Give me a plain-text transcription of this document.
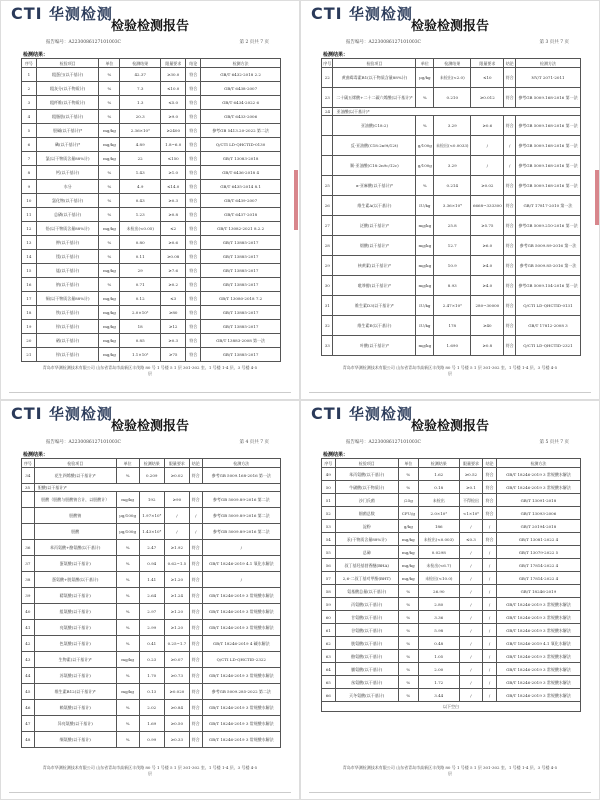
CTI 华测检测
检验检测报告
报告编号：A2230086127101003C	第 2 页共 7 页
检测结果：
序号	检验项目	单位	检测结果	限量要求	结论	检测方法
1	粗蛋白(以干基计)	%	42.37	≥30.0	符合	GB/T 6432-2018 2.2
2	粗灰分(以干物质计)	%	7.3	≤10.0	符合	GB/T 6438-2007
3	粗纤维(以干物质计)	%	1.3	≤5.0	符合	GB/T 6434-2022 6
4	粗脂肪(以干基计)	%	20.3	≥9.0	符合	GB/T 6433-2006
5	胆碱(以干基计)*	mg/kg	2.36×10³	≥2400	符合	参考GB 5413.20-2022 第二法
6	碘(以干基计)*	mg/kg	4.89	1.8~6.0	符合	Q/CTI LD-QHCTID-0130
7	氯(以干物质含量88%计)	mg/kg	22	≤150	符合	GB/T 13083-2018
8	钙(以干基计)	%	1.43	≥1.0	符合	GB/T 6436-2018 4
9	水分	%	4.9	≤14.0	符合	GB/T 6435-2014 8.1
10	氯化物(以干基计)	%	0.43	≥0.3	符合	GB/T 6439-2007
11	总磷(以干基计)	%	1.23	≥0.8	符合	GB/T 6437-2018
12	铅(以干物质含量88%计)	mg/kg	未检出(<0.05)	≤2	符合	GB/T 13082-2021 8.2.2
13	钾(以干基计)	%	0.80	≥0.6	符合	GB/T 13885-2017
14	镁(以干基计)	%	0.11	≥0.08	符合	GB/T 13885-2017
15	锰(以干基计)	mg/kg	29	≥7.6	符合	GB/T 13885-2017
16	钠(以干基计)	%	0.71	≥0.2	符合	GB/T 13885-2017
17	铜(以干物质含量88%计)	mg/kg	0.12	≤3	符合	GB/T 13080-2018 7.2
18	铁(以干基计)	mg/kg	2.0×10²	≥80	符合	GB/T 13885-2017
19	锌(以干基计)	mg/kg	18	≥12	符合	GB/T 13885-2017
20	硒(以干基计)	mg/kg	0.85	≥0.3	符合	GB/T 13883-2008 第一法
21	锌(以干基计)	mg/kg	1.1×10²	≥75	符合	GB/T 13885-2017
青岛市华测检测技术有限公司 山东省青岛市高新区丰茂路 80 号 1 号楼 5 1 层 301-302 室、1 号楼 1-4 层、3 号楼 4-5 层
CTI 华测检测
检验检测报告
报告编号：A2230086127101003C	第 3 页共 7 页
检测结果：
序号	检验项目	单位	检测结果	限量要求	结论	检测方法
22	黄曲霉毒素B1(以干物质含量88%计)	μg/kg	未检出(<2.0)	≤10	符合	NY/T 2071-2011
23	二十碳五烯酸+二十二碳六烯酸(以干基计)*	%	0.210	≥0.012	符合	参考GB 5009.168-2016 第一法
24	亚油酸(以干基计)*					
	亚油酸(C18:2)	%	3.29	≥0.6	符合	参考GB 5009.168-2016 第一法
	反-亚油酸(C18:2n9t/12t)	g/100g	未检出(<0.0033)	/	/	参考GB 5009.168-2016 第一法
	顺-亚油酸(C18:2n9c/12c)	g/100g	3.29	/	/	参考GB 5009.168-2016 第一法
25	α-亚麻酸(以干基计)*	%	0.214	≥0.02	符合	参考GB 5009.168-2016 第一法
26	维生素A(以干基计)	IU/kg	3.36×10⁴	6668~333300	符合	GB/T 17817-2010 第一法
27	泛酸(以干基计)*	mg/kg	25.8	≥5.75	符合	参考GB 5009.210-2016 第一法
28	烟酸(以干基计)*	mg/kg	12.7	≥6.0	符合	参考GB 5009.89-2016 第一法
29	核黄素(以干基计)*	mg/kg	10.9	≥4.0	符合	参考GB 5009.85-2016 第一法
30	吡哆醇(以干基计)*	mg/kg	8.93	≥4.0	符合	参考GB 5009.154-2016 第一法
31	维生素D3(以干基计)*	IU/kg	2.47×10³	280~30000	符合	Q/CTI LD-QHCTID-0131
32	维生素E(以干基计)	IU/kg	178	≥40	符合	GB/T 17812-2008 3
33	叶酸(以干基计)*	mg/kg	1.690	≥0.8	符合	Q/CTI LD-QHCTID-2321
青岛市华测检测技术有限公司 山东省青岛市高新区丰茂路 80 号 1 号楼 5 1 层 301-302 室、1 号楼 1-4 层、3 号楼 4-5 层
CTI 华测检测
检验检测报告
报告编号：A2230086127101003C	第 4 页共 7 页
检测结果：
序号	检验项目	单位	检测结果	限量要求	结论	检测方法
34	花生四烯酸(以干基计)*	%	0.209	≥0.02	符合	参考GB 5009.168-2016 第一法
35	胆酸(以干基计)*					
	胆酸（胆酸与胆酸钠合计，以胆酸计）	mg/kg	192	≥90	符合	参考GB 5009.89-2016 第二法
	胆酸钠	μg/100g	1.97×10⁴	/	/	参考GB 5009.89-2016 第二法
	胆酸	μg/100g	1.43×10⁴	/	/	参考GB 5009.89-2016 第二法
36	苯丙氨酸+酪氨酸(以干基计)	%	2.47	≥1.92	符合	/
37	蛋氨酸(以干基计)	%	0.94	0.62~1.5	符合	GB/T 18246-2019 4.1 氧化水解法
38	蛋氨酸+胱氨酸(以干基计)	%	1.41	≥1.20	符合	/
39	精氨酸(以干基计)	%	2.64	≥1.24	符合	GB/T 18246-2019 3 常规酸水解法
40	组氨酸(以干基计)	%	2.97	≥1.20	符合	GB/T 18246-2019 3 常规酸水解法
41	亮氨酸(以干基计)	%	2.99	≥1.20	符合	GB/T 18246-2019 3 常规酸水解法
42	色氨酸(以干基计)	%	0.41	0.25~1.7	符合	GB/T 18246-2019 4 碱水解法
43	生物素(以干基计)*	mg/kg	0.23	≥0.07	符合	Q/CTI LD-QHCTID-2322
44	苏氨酸(以干基计)	%	1.70	≥0.73	符合	GB/T 18246-2019 3 常规酸水解法
45	维生素B12(以干基计)*	mg/kg	0.13	≥0.020	符合	参考GB 5009.285-2022 第二法
46	赖氨酸(以干基计)	%	2.02	≥0.84	符合	GB/T 18246-2019 3 常规酸水解法
47	异亮氨酸(以干基计)	%	1.69	≥0.50	符合	GB/T 18246-2019 3 常规酸水解法
48	缬氨酸(以干基计)	%	0.99	≥0.33	符合	GB/T 18246-2019 3 常规酸水解法
青岛市华测检测技术有限公司 山东省青岛市高新区丰茂路 80 号 1 号楼 5 1 层 301-302 室、1 号楼 1-4 层、3 号楼 4-5 层
CTI 华测检测
检验检测报告
报告编号：A2230086127101003C	第 5 页共 7 页
检测结果：
序号	检验项目	单位	检测结果	限量要求	结论	检测方法
49	苯丙氨酸(以干基计)	%	1.62	≥0.52	符合	GB/T 18246-2019 3 常规酸水解法
50	牛磺酸(以干物质计)	%	0.18	≥0.1	符合	GB/T 18246-2019 3 常规酸水解法
51	沙门氏菌	/25g	未检出	不得检出	符合	GB/T 13091-2018
52	细菌总数	CFU/g	2.0×10³	<1×10⁶	符合	GB/T 13093-2006
53	淀粉	g/kg	186	/	/	GB/T 20194-2018
54	汞(干物质含量88%计)	mg/kg	未检出(<0.003)	≤0.3	符合	GB/T 13081-2022 4
55	总砷	mg/kg	0.0298	/	/	GB/T 13079-2022 5
56	叔丁基羟基茴香醚(BHA)	mg/kg	未检出(<6.7)	/	/	GB/T 17814-2022 4
57	2,6-二叔丁基对甲酚(BHT)	mg/kg	未检出(<10.0)	/	/	GB/T 17814-2022 4
58	氨基酸总量(以干基计)	%	26.90	/	/	GB/T 18246-2019
59	丙氨酸(以干基计)	%	2.80	/	/	GB/T 18246-2019 3 常规酸水解法
60	甘氨酸(以干基计)	%	3.36	/	/	GB/T 18246-2019 3 常规酸水解法
61	谷氨酸(以干基计)	%	5.98	/	/	GB/T 18246-2019 3 常规酸水解法
62	胱氨酸(以干基计)	%	0.48	/	/	GB/T 18246-2019 4.1 氧化水解法
63	酪氨酸(以干基计)	%	1.05	/	/	GB/T 18246-2019 3 常规酸水解法
64	脯氨酸(以干基计)	%	2.00	/	/	GB/T 18246-2019 3 常规酸水解法
65	丝氨酸(以干基计)	%	1.72	/	/	GB/T 18246-2019 3 常规酸水解法
66	天冬氨酸(以干基计)	%	3.44	/	/	GB/T 18246-2019 3 常规酸水解法
以下空白						
青岛市华测检测技术有限公司 山东省青岛市高新区丰茂路 80 号 1 号楼 5 1 层 301-302 室、1 号楼 1-4 层、3 号楼 4-5 层
